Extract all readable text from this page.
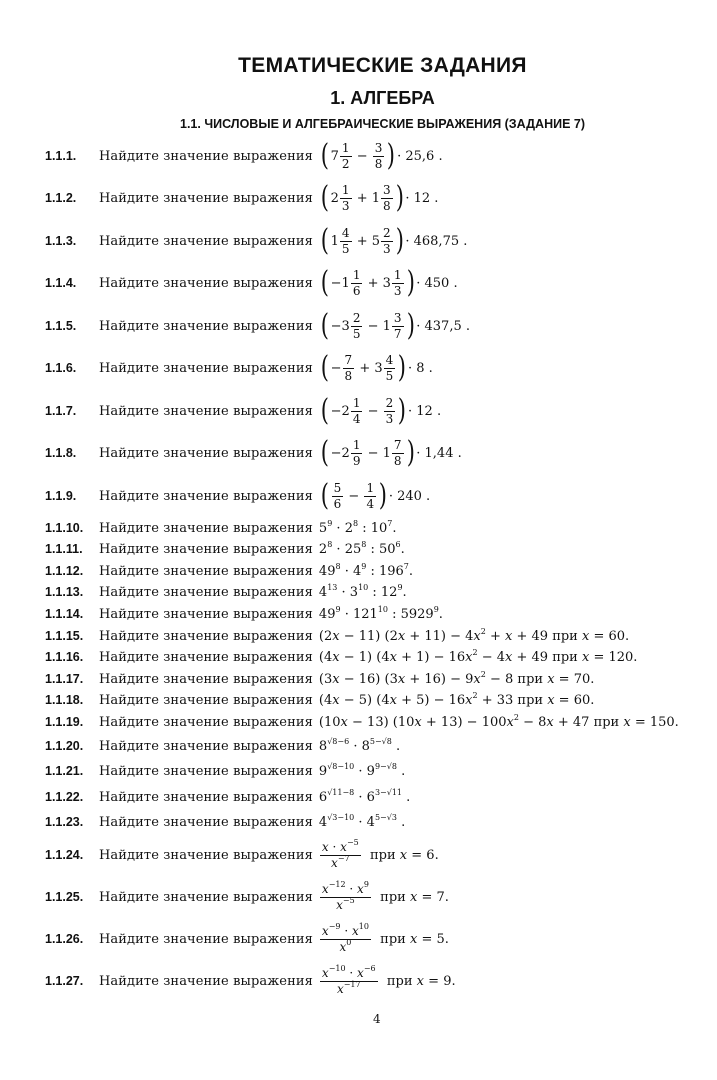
ТЕМАТИЧЕСКИЕ ЗАДАНИЯ
1. АЛГЕБРА
1.1. ЧИСЛОВЫЕ И АЛГЕБРАИЧЕСКИЕ ВЫРАЖЕНИЯ (ЗАДАНИЕ 7)
1.1.1.	Найдите значение выражения ( $7 \frac{1}{2}$
−
$\frac{3}{8}$ ) · 25,6 .
1.1.2.	Найдите значение выражения ( $2 \frac{1}{3}$
+ $1 \frac{3}{8}$ ) · 12 .
1.1.3.	Найдите значение выражения ( $1 \frac{4}{5}$
+ $5 \frac{2}{3}$ ) · 468,75 .
1.1.4.	Найдите значение выражения ( $-1 \frac{1}{6}$
+ $3 \frac{1}{3}$ ) · 450 .
1.1.5.	Найдите значение выражения ( $-3 \frac{2}{5}$
− $1 \frac{3}{7}$ ) · 437,5 .
1.1.6.	Найдите значение выражения ( − $\frac{7}{8}$
+ $3 \frac{4}{5}$ ) · 8 .
1.1.7.	Найдите значение выражения ( $-2 \frac{1}{4}$
−
$\frac{2}{3}$ ) · 12 .
1.1.8.	Найдите значение выражения ( $-2 \frac{1}{9}$
− $1 \frac{7}{8}$ ) · 1,44 .
1.1.9.	Найдите значение выражения ( $\frac{5}{6}$
−
$\frac{1}{4}$ ) · 240 .
1.1.10.	Найдите значение выражения $5^9 \cdot 2^8$ : $10^7$.
1.1.11.	Найдите значение выражения $2^8 \cdot 25^8$ : $50^6$.
1.1.12.	Найдите значение выражения $49^8 \cdot 4^9$ : $196^7$.
1.1.13.	Найдите значение выражения $4^{13} \cdot 3^{10}$ : $12^9$.
1.1.14.	Найдите значение выражения $49^9 \cdot 121^{10}$ : 5929$^9$.
1.1.15.	Найдите значение выражения (2x − 11) $(2x + 11) - 4x^2 + x + 49$ при x = 60.
1.1.16.	Найдите значение выражения (4x − 1) $(4x + 1) - 16x^2 - 4x + 49$ при x = 120.
1.1.17.	Найдите значение выражения (3x − 16) $(3x + 16) - 9x^2 - 8$ при x = 70.
1.1.18.	Найдите значение выражения (4x − 5) $(4x + 5) - 16x^2 + 33$ при x = 60.
1.1.19.	Найдите значение выражения (10x − 13) $(10x + 13) - 100x^2 - 8x + 47$ при x = 150.
1.1.20.	Найдите значение выражения $8^{√8-6} \cdot 8^{5-√8}$ .
1.1.21.	Найдите значение выражения $9^{√8-10} \cdot 9^{9-√8}$ .
1.1.22.	Найдите значение выражения $6^{√11-8} \cdot 6^{3-√11}$ .
1.1.23.	Найдите значение выражения $4^{√3-10} \cdot 4^{5-√3}$ .
1.1.24.	Найдите значение выражения $\frac{x \cdot x^{-5}}{x^{-7}}$ при x = 6 .
1.1.25.	Найдите значение выражения $\frac{x^{-12} \cdot x^9}{x^{-5}}$ при x = 7 .
1.1.26.	Найдите значение выражения $\frac{x^{-9} \cdot x^{10}}{x^0}$ при x = 5 .
1.1.27.	Найдите значение выражения $\frac{x^{-10} \cdot x^{-6}}{x^{-17}}$ при x = 9 .
4
